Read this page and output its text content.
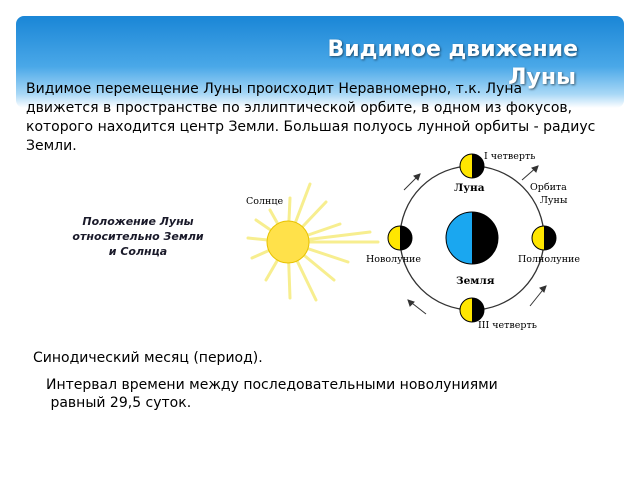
Видимое движение
Луны
Видимое перемещение Луны происходит Неравномерно, т.к. Луна движется в пространстве по эллиптической орбите, в одном из фокусов, которого находится центр Земли. Большая полуось лунной орбиты - радиус Земли.
Положение Луны относительно Земли и Солнца
Солнце
Земля
Луна
I четверть
Новолуние	Полнолуние
III четверть
Орбита
Луны
Синодический месяц (период).
Интервал времени между последовательными новолуниями
равный 29,5 суток.
